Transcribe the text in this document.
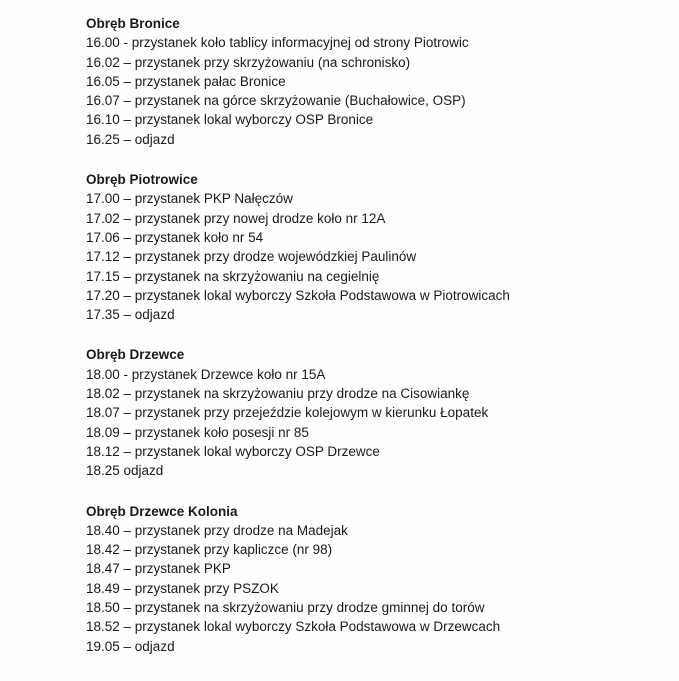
Obręb Bronice
16.00 - przystanek koło tablicy informacyjnej od strony Piotrowic
16.02 – przystanek przy skrzyżowaniu (na schronisko)
16.05 – przystanek pałac Bronice
16.07 – przystanek na górce skrzyżowanie (Buchałowice, OSP)
16.10 – przystanek lokal wyborczy OSP Bronice
16.25 – odjazd
Obręb Piotrowice
17.00 – przystanek PKP Nałęczów
17.02 – przystanek przy nowej drodze koło nr 12A
17.06 – przystanek koło nr 54
17.12 – przystanek przy drodze wojewódzkiej Paulinów
17.15 – przystanek na skrzyżowaniu na cegielnię
17.20 – przystanek lokal wyborczy Szkoła Podstawowa w Piotrowicach
17.35 – odjazd
Obręb Drzewce
18.00 - przystanek Drzewce koło nr 15A
18.02 – przystanek na skrzyżowaniu przy drodze na Cisowiankę
18.07 – przystanek przy przejeździe kolejowym w kierunku Łopatek
18.09 – przystanek koło posesji nr 85
18.12 – przystanek lokal wyborczy OSP Drzewce
18.25 odjazd
Obręb Drzewce Kolonia
18.40 – przystanek przy drodze na Madejak
18.42 – przystanek przy kapliczce (nr 98)
18.47 – przystanek PKP
18.49 – przystanek przy PSZOK
18.50 – przystanek na skrzyżowaniu przy drodze gminnej do torów
18.52 – przystanek lokal wyborczy Szkoła Podstawowa w Drzewcach
19.05 – odjazd
